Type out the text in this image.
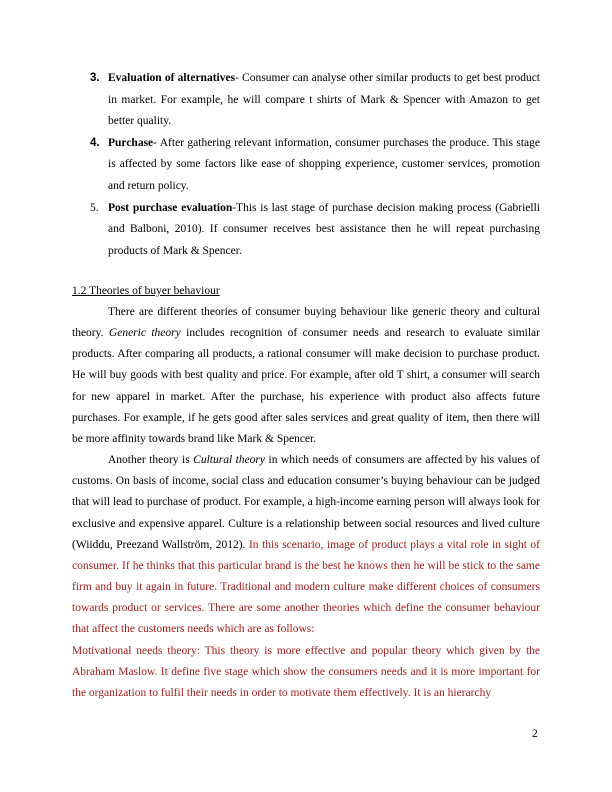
3. Evaluation of alternatives- Consumer can analyse other similar products to get best product in market. For example, he will compare t shirts of Mark & Spencer with Amazon to get better quality.
4. Purchase- After gathering relevant information, consumer purchases the produce. This stage is affected by some factors like ease of shopping experience, customer services, promotion and return policy.
5. Post purchase evaluation-This is last stage of purchase decision making process (Gabrielli and Balboni, 2010). If consumer receives best assistance then he will repeat purchasing products of Mark & Spencer.
1.2 Theories of buyer behaviour

There are different theories of consumer buying behaviour like generic theory and cultural theory. Generic theory includes recognition of consumer needs and research to evaluate similar products. After comparing all products, a rational consumer will make decision to purchase product. He will buy goods with best quality and price. For example, after old T shirt, a consumer will search for new apparel in market. After the purchase, his experience with product also affects future purchases. For example, if he gets good after sales services and great quality of item, then there will be more affinity towards brand like Mark & Spencer.

Another theory is Cultural theory in which needs of consumers are affected by his values of customs. On basis of income, social class and education consumer’s buying behaviour can be judged that will lead to purchase of product. For example, a high-income earning person will always look for exclusive and expensive apparel. Culture is a relationship between social resources and lived culture (Wiiddu, Preezand Wallström, 2012). In this scenario, image of product plays a vital role in sight of consumer. If he thinks that this particular brand is the best he knows then he will be stick to the same firm and buy it again in future. Traditional and modern culture make different choices of consumers towards product or services. There are some another theories which define the consumer behaviour that affect the customers needs which are as follows:

Motivational needs theory: This theory is more effective and popular theory which given by the Abraham Maslow. It define five stage which show the consumers needs and it is more important for the organization to fulfil their needs in order to motivate them effectively. It is an hierarchy

2
